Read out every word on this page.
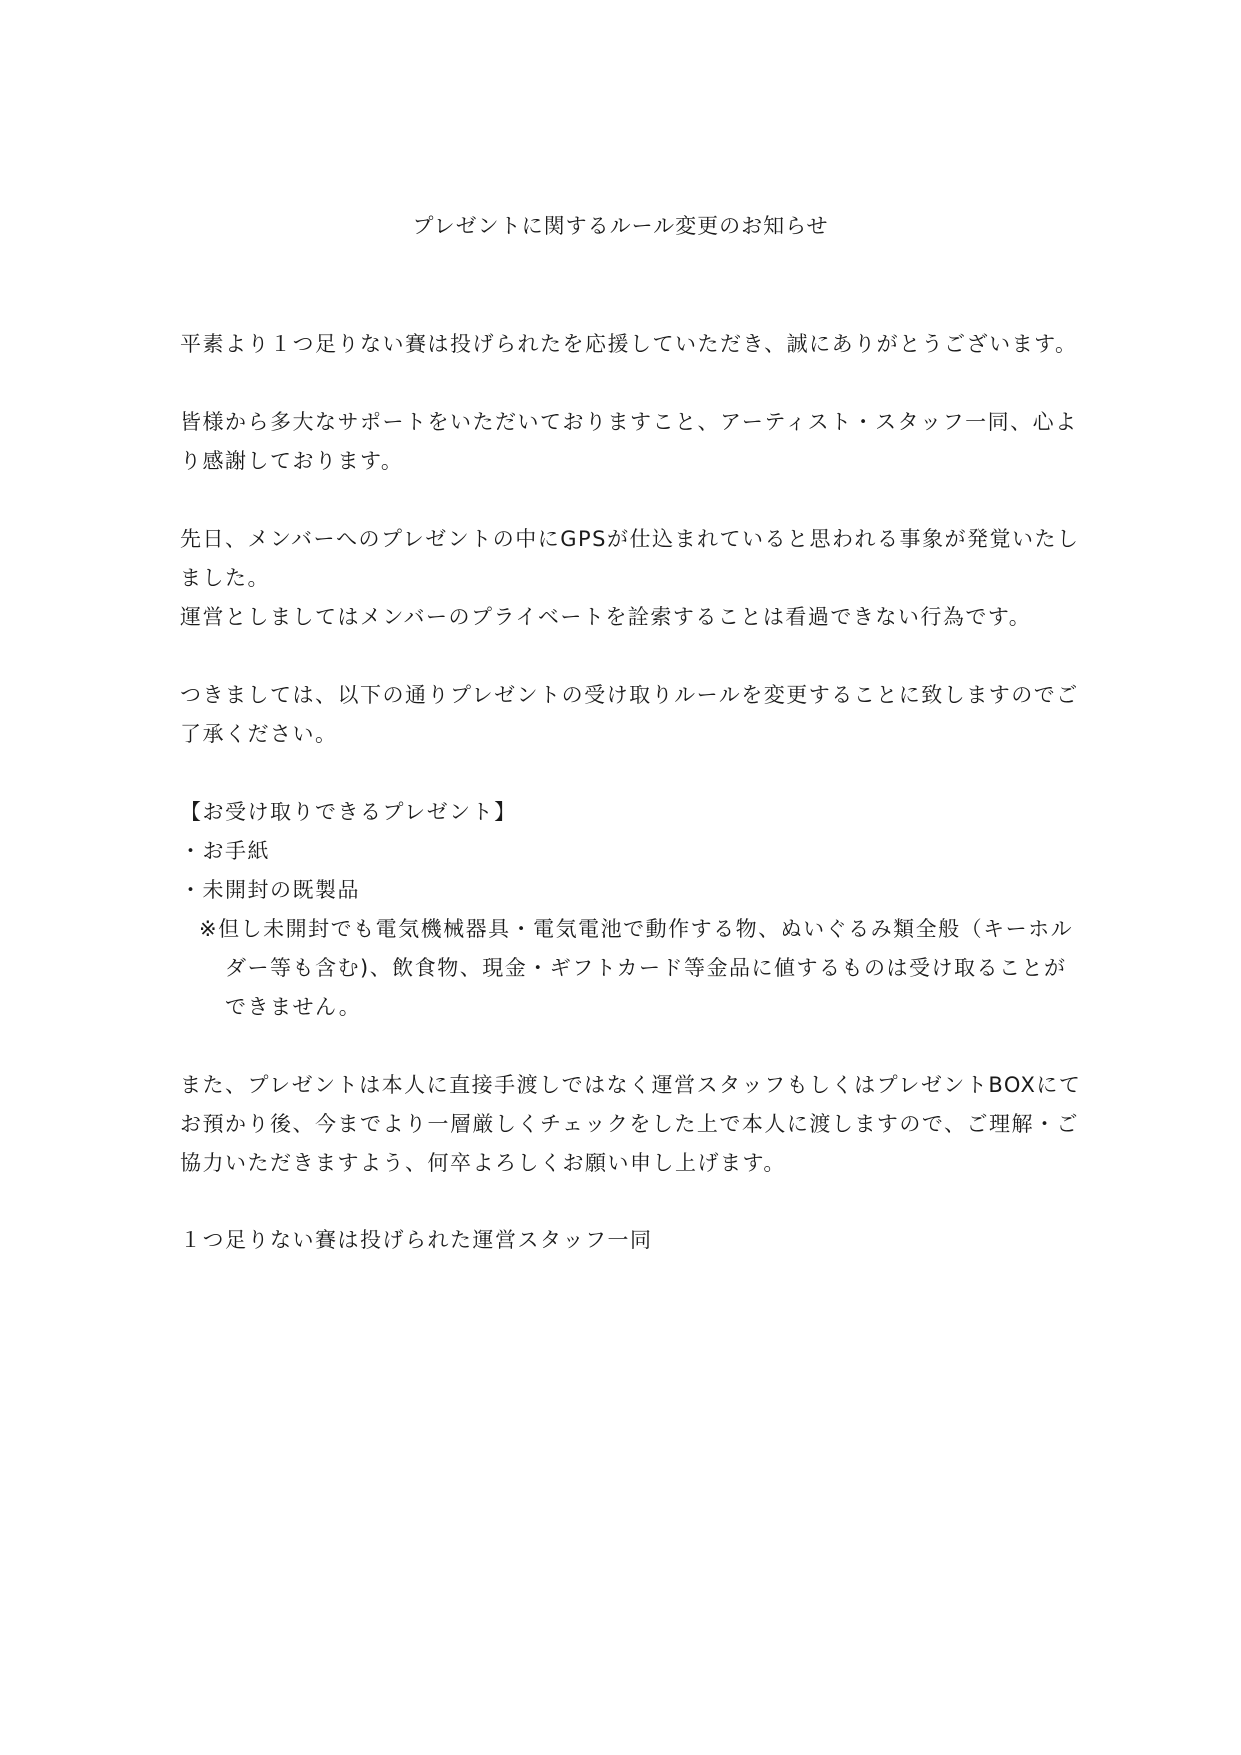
プレゼントに関するルール変更のお知らせ
平素より１つ足りない賽は投げられたを応援していただき、誠にありがとうございます。
皆様から多大なサポートをいただいておりますこと、アーティスト・スタッフ一同、心よ
り感謝しております。
先日、メンバーへのプレゼントの中にGPSが仕込まれていると思われる事象が発覚いたし
ました。
運営としましてはメンバーのプライベートを詮索することは看過できない行為です。
つきましては、以下の通りプレゼントの受け取りルールを変更することに致しますのでご
了承ください。
【お受け取りできるプレゼント】
・お手紙
・未開封の既製品
※但し未開封でも電気機械器具・電気電池で動作する物、ぬいぐるみ類全般（キーホル
ダー等も含む)、飲食物、現金・ギフトカード等金品に値するものは受け取ることが
できません。
また、プレゼントは本人に直接手渡しではなく運営スタッフもしくはプレゼントBOXにて
お預かり後、今までより一層厳しくチェックをした上で本人に渡しますので、ご理解・ご
協力いただきますよう、何卒よろしくお願い申し上げます。
１つ足りない賽は投げられた運営スタッフ一同
